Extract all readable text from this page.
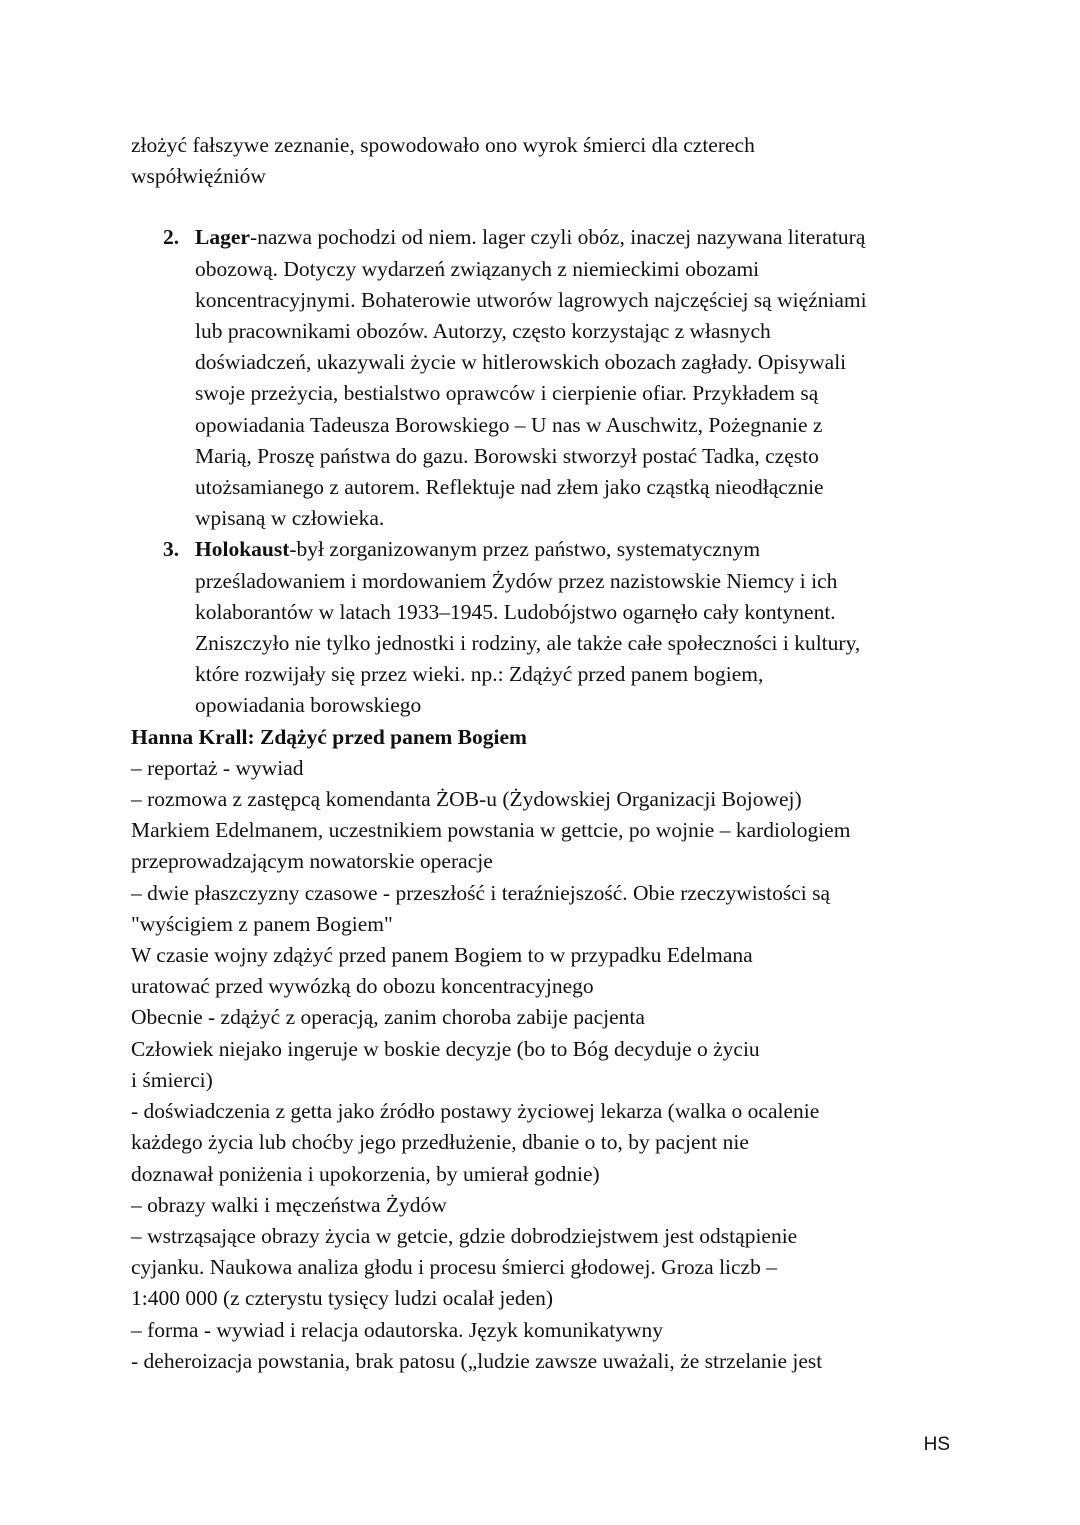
złożyć fałszywe zeznanie, spowodowało ono wyrok śmierci dla czterech
współwięźniów
2. Lager-nazwa pochodzi od niem. lager czyli obóz, inaczej nazywana literaturą
obozową. Dotyczy wydarzeń związanych z niemieckimi obozami
koncentracyjnymi. Bohaterowie utworów lagrowych najczęściej są więźniami
lub pracownikami obozów. Autorzy, często korzystając z własnych
doświadczeń, ukazywali życie w hitlerowskich obozach zagłady. Opisywali
swoje przeżycia, bestialstwo oprawców i cierpienie ofiar. Przykładem są
opowiadania Tadeusza Borowskiego – U nas w Auschwitz, Pożegnanie z
Marią, Proszę państwa do gazu. Borowski stworzył postać Tadka, często
utożsamianego z autorem. Reflektuje nad złem jako cząstką nieodłącznie
wpisaną w człowieka.
3. Holokaust-był zorganizowanym przez państwo, systematycznym
prześladowaniem i mordowaniem Żydów przez nazistowskie Niemcy i ich
kolaborantów w latach 1933–1945. Ludobójstwo ogarnęło cały kontynent.
Zniszczyło nie tylko jednostki i rodziny, ale także całe społeczności i kultury,
które rozwijały się przez wieki. np.: Zdążyć przed panem bogiem,
opowiadania borowskiego
Hanna Krall: Zdążyć przed panem Bogiem
– reportaż - wywiad
– rozmowa z zastępcą komendanta ŻOB-u (Żydowskiej Organizacji Bojowej)
Markiem Edelmanem, uczestnikiem powstania w gettcie, po wojnie – kardiologiem
przeprowadzającym nowatorskie operacje
– dwie płaszczyzny czasowe - przeszłość i teraźniejszość. Obie rzeczywistości są
"wyścigiem z panem Bogiem"
W czasie wojny zdążyć przed panem Bogiem to w przypadku Edelmana
uratować przed wywózką do obozu koncentracyjnego
Obecnie - zdążyć z operacją, zanim choroba zabije pacjenta
Człowiek niejako ingeruje w boskie decyzje (bo to Bóg decyduje o życiu
i śmierci)
- doświadczenia z getta jako źródło postawy życiowej lekarza (walka o ocalenie
każdego życia lub choćby jego przedłużenie, dbanie o to, by pacjent nie
doznawał poniżenia i upokorzenia, by umierał godnie)
– obrazy walki i męczeństwa Żydów
– wstrząsające obrazy życia w getcie, gdzie dobrodziejstwem jest odstąpienie
cyjanku. Naukowa analiza głodu i procesu śmierci głodowej. Groza liczb –
1:400 000 (z czterystu tysięcy ludzi ocalał jeden)
– forma - wywiad i relacja odautorska. Język komunikatywny
- deheroizacja powstania, brak patosu („ludzie zawsze uważali, że strzelanie jest
HS
